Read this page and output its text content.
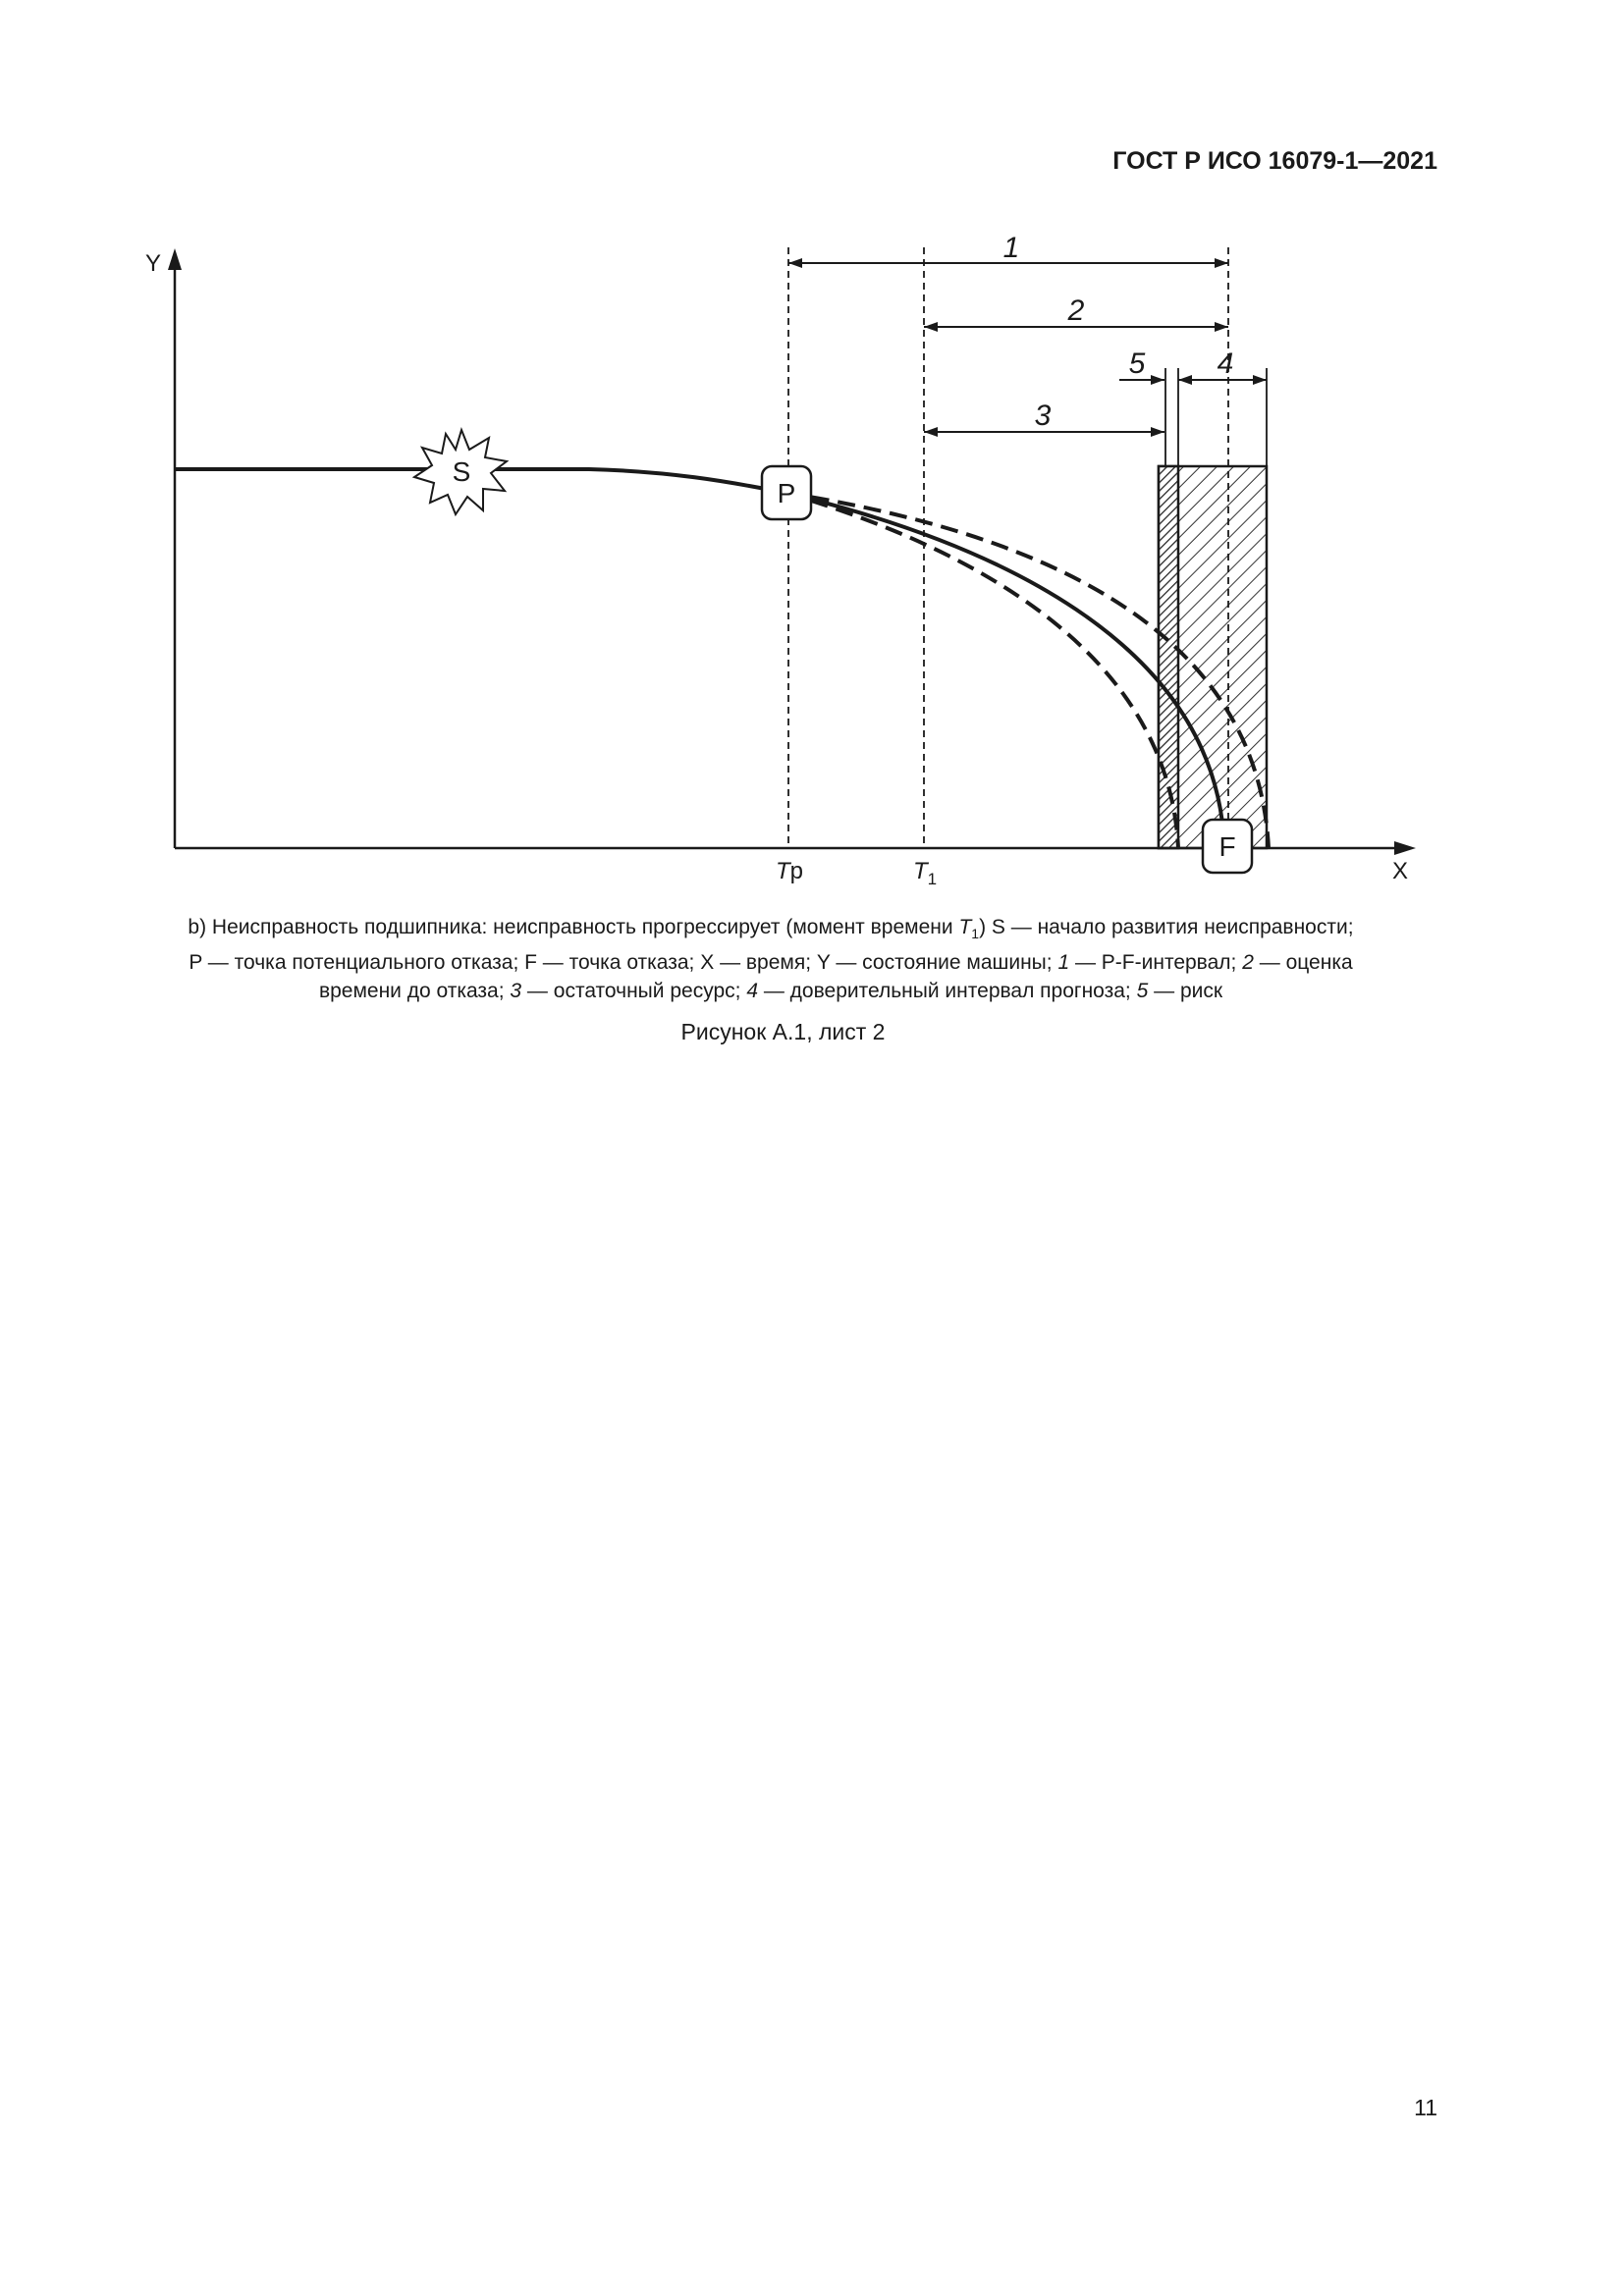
ГОСТ Р ИСО 16079-1—2021
Y
X
S
P
F
Tp	$T_1$
1
2
3
4
5
b) Неисправность подшипника: неисправность прогрессирует (момент времени $T_1$) S — начало развития неисправности;
P — точка потенциального отказа; F — точка отказа; X — время; Y — состояние машины; 1 — P-F-интервал; 2 — оценка
времени до отказа; 3 — остаточный ресурс; 4 — доверительный интервал прогноза; 5 — риск
Рисунок А.1, лист 2
11
